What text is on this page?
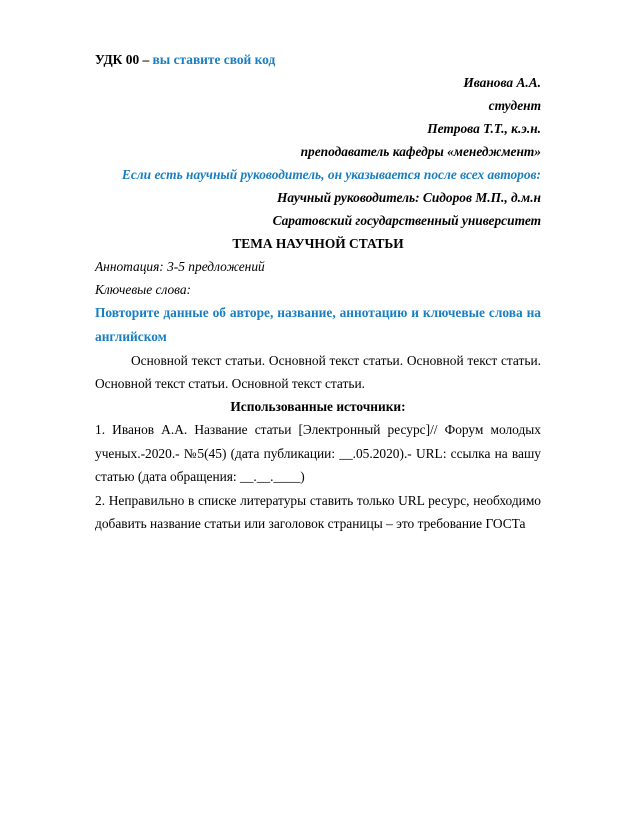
УДК 00 – вы ставите свой код
Иванова А.А.
студент
Петрова Т.Т., к.э.н.
преподаватель кафедры «менеджмент»
Если есть научный руководитель, он указывается после всех авторов:
Научный руководитель: Сидоров М.П., д.м.н
Саратовский государственный университет
ТЕМА НАУЧНОЙ СТАТЬИ
Аннотация: 3-5 предложений
Ключевые слова:
Повторите данные об авторе, название, аннотацию и ключевые слова на английском
Основной текст статьи. Основной текст статьи. Основной текст статьи. Основной текст статьи. Основной текст статьи.
Использованные источники:
1. Иванов А.А. Название статьи [Электронный ресурс]// Форум молодых ученых.-2020.- №5(45) (дата публикации: __.05.2020).- URL: ссылка на вашу статью (дата обращения: __.__.____)
2. Неправильно в списке литературы ставить только URL ресурс, необходимо добавить название статьи или заголовок страницы – это требование ГОСТа
